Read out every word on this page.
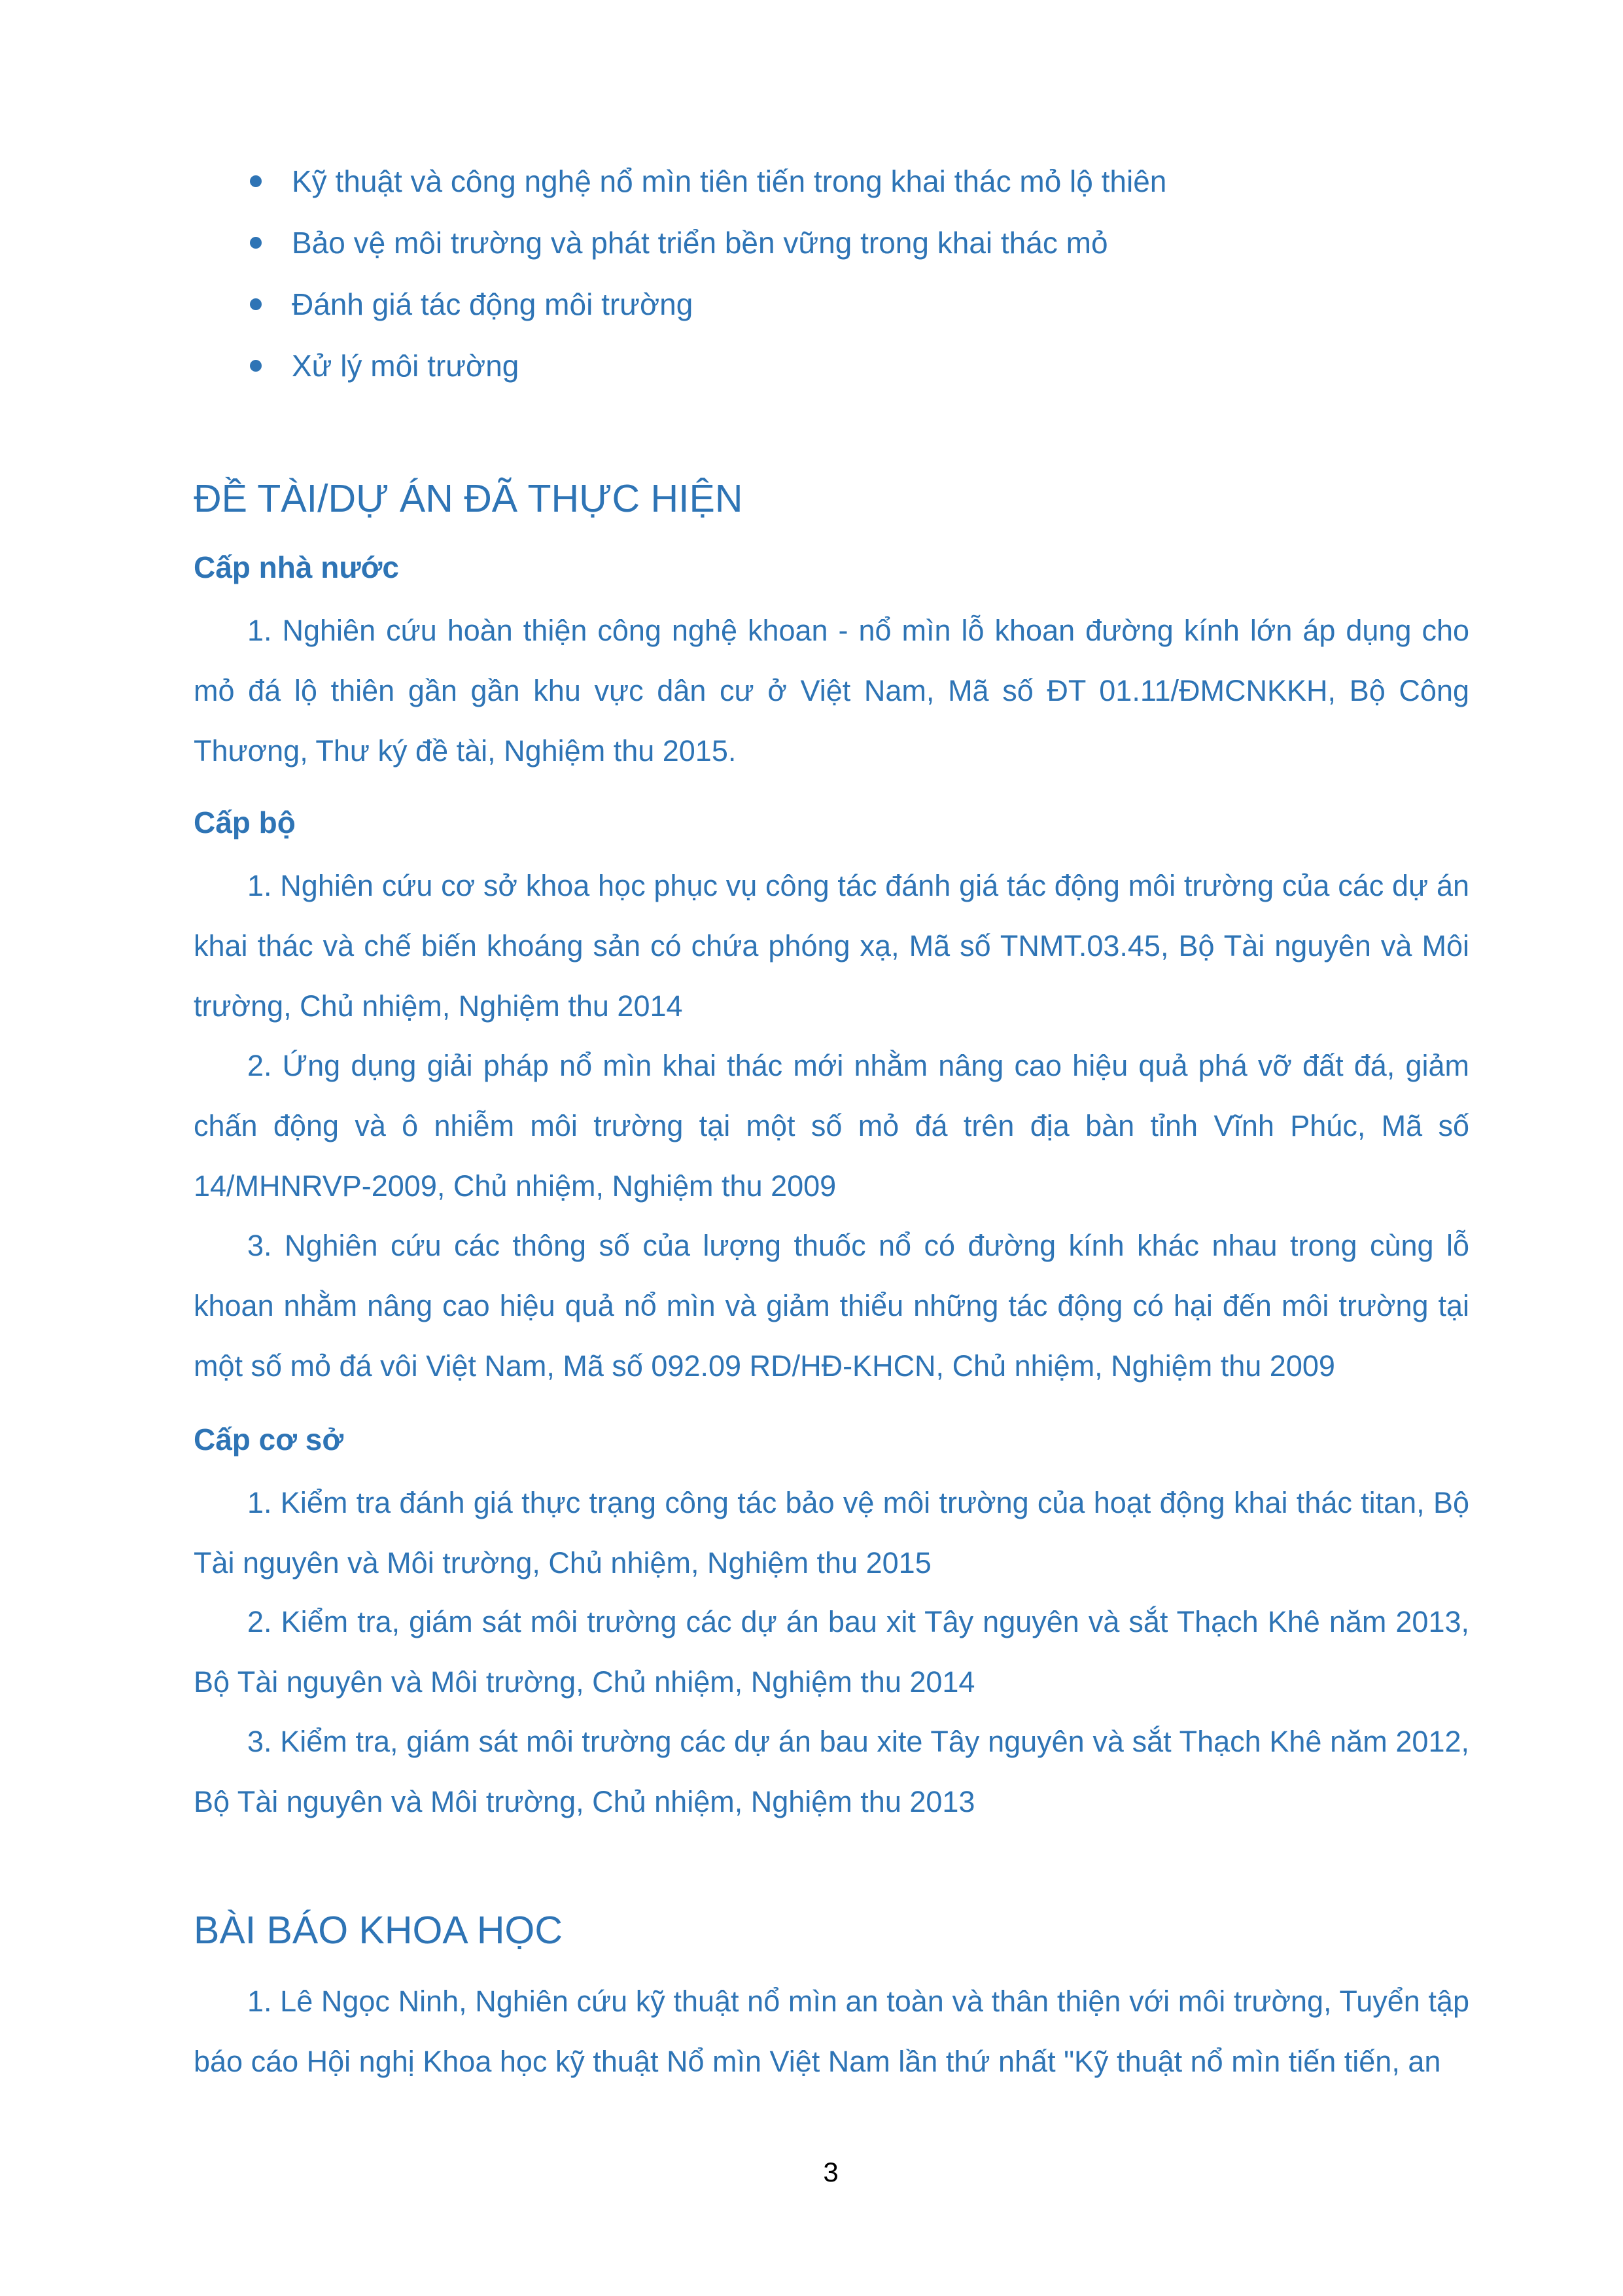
Kỹ thuật và công nghệ nổ mìn tiên tiến trong khai thác mỏ lộ thiên
Bảo vệ môi trường và phát triển bền vững trong khai thác mỏ
Đánh giá tác động môi trường
Xử lý môi trường
ĐỀ TÀI/DỰ ÁN ĐÃ THỰC HIỆN
Cấp nhà nước

1. Nghiên cứu hoàn thiện công nghệ khoan - nổ mìn lỗ khoan đường kính lớn áp dụng cho mỏ đá lộ thiên gần gần khu vực dân cư ở Việt Nam, Mã số ĐT 01.11/ĐMCNKKH, Bộ Công Thương, Thư ký đề tài, Nghiệm thu 2015.

Cấp bộ

1. Nghiên cứu cơ sở khoa học phục vụ công tác đánh giá tác động môi trường của các dự án khai thác và chế biến khoáng sản có chứa phóng xạ, Mã số TNMT.03.45, Bộ Tài nguyên và Môi trường, Chủ nhiệm, Nghiệm thu 2014

2. Ứng dụng giải pháp nổ mìn khai thác mới nhằm nâng cao hiệu quả phá vỡ đất đá, giảm chấn động và ô nhiễm môi trường tại một số mỏ đá trên địa bàn tỉnh Vĩnh Phúc, Mã số 14/MHNRVP-2009, Chủ nhiệm, Nghiệm thu 2009

3. Nghiên cứu các thông số của lượng thuốc nổ có đường kính khác nhau trong cùng lỗ khoan nhằm nâng cao hiệu quả nổ mìn và giảm thiểu những tác động có hại đến môi trường tại một số mỏ đá vôi Việt Nam, Mã số 092.09 RD/HĐ-KHCN, Chủ nhiệm, Nghiệm thu 2009

Cấp cơ sở

1. Kiểm tra đánh giá thực trạng công tác bảo vệ môi trường của hoạt động khai thác titan, Bộ Tài nguyên và Môi trường, Chủ nhiệm, Nghiệm thu 2015

2. Kiểm tra, giám sát môi trường các dự án bau xit Tây nguyên và sắt Thạch Khê năm 2013, Bộ Tài nguyên và Môi trường, Chủ nhiệm, Nghiệm thu 2014

3. Kiểm tra, giám sát môi trường các dự án bau xite Tây nguyên và sắt Thạch Khê năm 2012, Bộ Tài nguyên và Môi trường, Chủ nhiệm, Nghiệm thu 2013

BÀI BÁO KHOA HỌC

1. Lê Ngọc Ninh, Nghiên cứu kỹ thuật nổ mìn an toàn và thân thiện với môi trường, Tuyển tập báo cáo Hội nghị Khoa học kỹ thuật Nổ mìn Việt Nam lần thứ nhất "Kỹ thuật nổ mìn tiến tiến, an

3
